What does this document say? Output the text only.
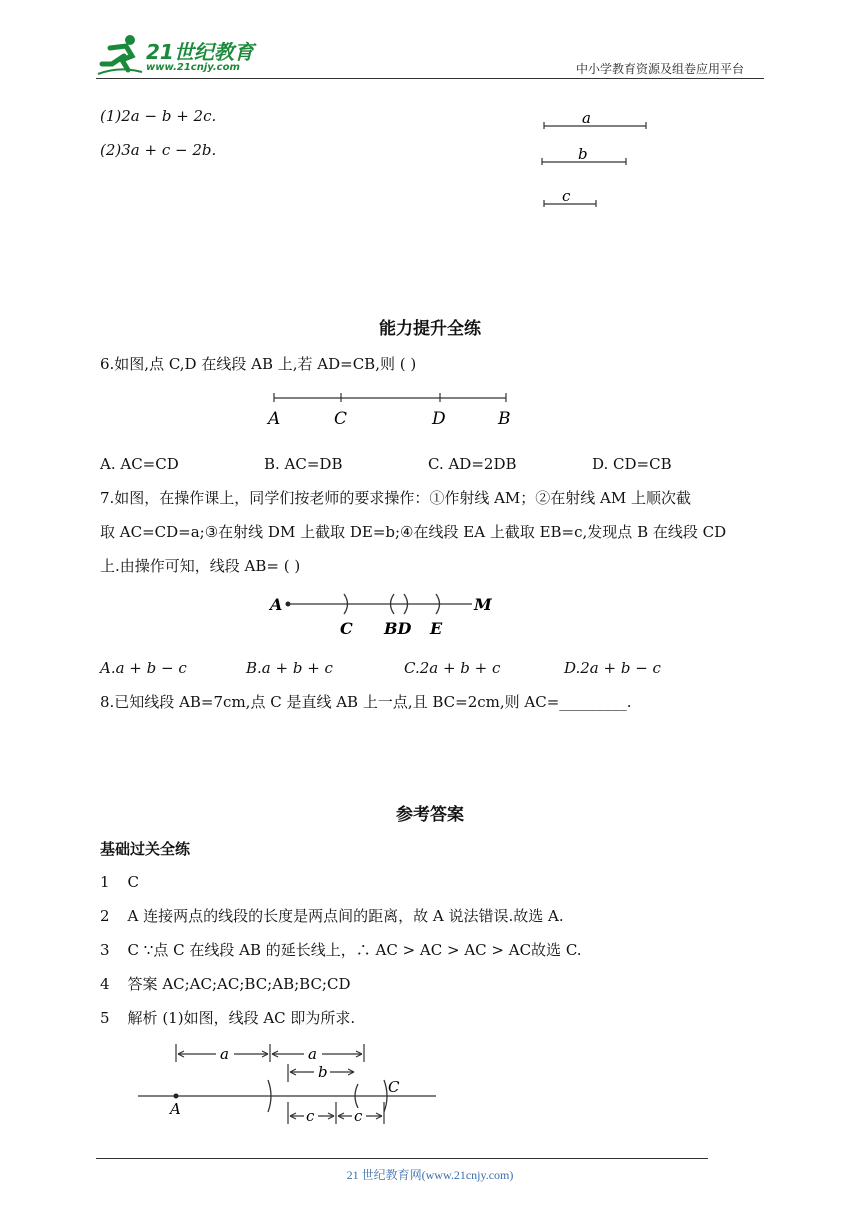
21世纪教育
www.21cnjy.com	中小学教育资源及组卷应用平台
(1)2a − b + 2c.
(2)3a + c − 2b.
a
b
c
能力提升全练
6.如图,点 C,D 在线段 AB 上,若 AD=CB,则 ( )
A	C	D	B
A. AC=CD	B. AC=DB	C. AD=2DB	D. CD=CB
7.如图，在操作课上，同学们按老师的要求操作：①作射线 AM；②在射线 AM 上顺次截
取 AC=CD=a;③在射线 DM 上截取 DE=b;④在线段 EA 上截取 EB=c,发现点 B 在线段 CD
上.由操作可知，线段 AB= ( )
A	M
C BD E
A.a + b − c	B.a + b + c	C.2a + b + c	D.2a + b − c
8.已知线段 AB=7cm,点 C 是直线 AB 上一点,且 BC=2cm,则 AC=_________.
参考答案
基础过关全练
1 C
2 A 连接两点的线段的长度是两点间的距离，故 A 说法错误.故选 A.
3 C ∵点 C 在线段 AB 的延长线上，∴ AC > AC > AC > AC故选 C.
4 答案 AC;AC;AC;BC;AB;BC;CD
5 解析 (1)如图，线段 AC 即为所求.
a	a
b
c	c
A
C
21 世纪教育网(www.21cnjy.com)
